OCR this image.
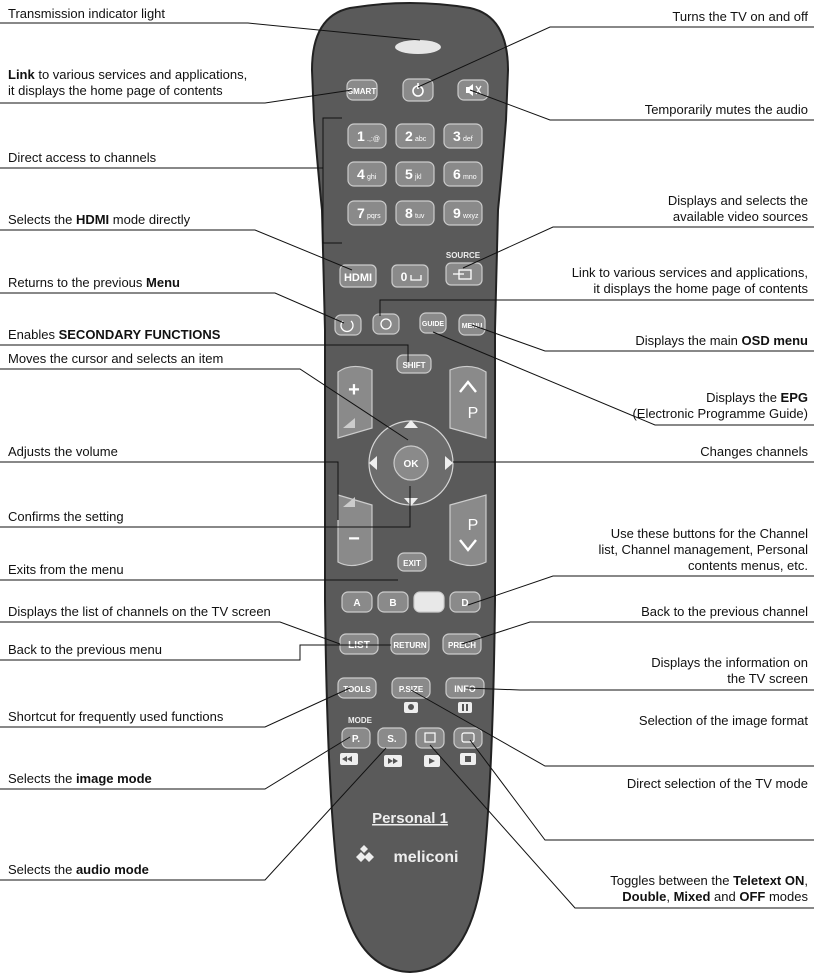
SMART
1 .,:@ 2 abc 3 def
4 ghi 5 jkl 6 mno
7 pqrs 8 tuv 9 wxyz
HDMI 0
SOURCE
GUIDE	MENU
SHIFT
+
−
P
P
OK
EXIT
A	B	C	D
LIST	RETURN	PRECH
TOOLS	P.SIZE	INFO
MODE
P.	S.
Personal 1
meliconi
Transmission indicator light
Link to various services and applications,
it displays the home page of contents
Direct access to channels
Selects the HDMI mode directly
Returns to the previous Menu
Enables SECONDARY FUNCTIONS
Moves the cursor and selects an item
Adjusts the volume
Confirms the setting
Exits from the menu
Displays the list of channels on the TV screen
Back to the previous menu
Shortcut for frequently used functions
Selects the image mode
Selects the audio mode
Turns the TV on and off
Temporarily mutes the audio
Displays and selects the
available video sources
Link to various services and applications,
it displays the home page of contents
Displays the main OSD menu
Displays the EPG
(Electronic Programme Guide)
Changes channels
Use these buttons for the Channel
list, Channel management, Personal
contents menus, etc.
Back to the previous channel
Displays the information on
the TV screen
Selection of the image format
Direct selection of the TV mode
Toggles between the Teletext ON,
Double, Mixed and OFF modes
